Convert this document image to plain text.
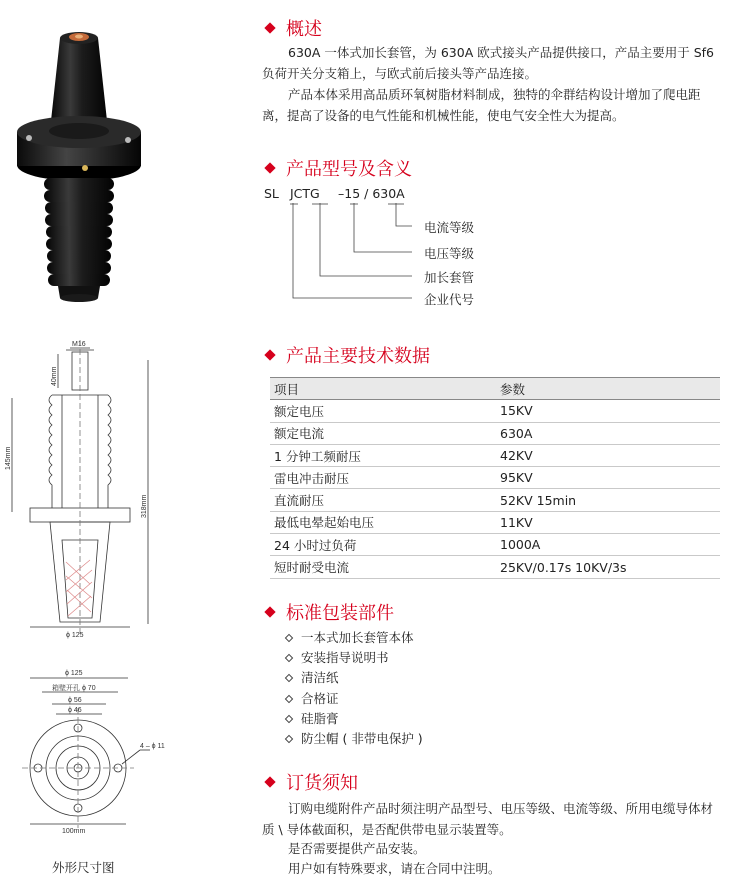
M16
40mm
145mm
318mm
ϕ 125
ϕ 125
箱壁开孔 ϕ 70
ϕ 56
ϕ 46
4 – ϕ 11
100mm
外形尺寸图
概述

630A 一体式加长套管，为 630A 欧式接头产品提供接口，产品主要用于 Sf6 负荷开关分支箱上，与欧式前后接头等产品连接。

产品本体采用高品质环氧树脂材料制成，独特的伞群结构设计增加了爬电距离，提高了设备的电气性能和机械性能，使电气安全性大为提高。

产品型号及含义
SL JCTG –15 / 630A
电流等级
电压等级
加长套管
企业代号
产品主要技术数据
项目	参数
额定电压	15KV
额定电流	630A
1 分钟工频耐压	42KV
雷电冲击耐压	95KV
直流耐压	52KV 15min
最低电晕起始电压	11KV
24 小时过负荷	1000A
短时耐受电流	25KV/0.17s 10KV/3s
标准包装部件
一本式加长套管本体
安装指导说明书
清洁纸
合格证
硅脂膏
防尘帽 ( 非带电保护 )
订货须知

订购电缆附件产品时须注明产品型号、电压等级、电流等级、所用电缆导体材质 \ 导体截面积，是否配供带电显示装置等。

是否需要提供产品安装。

用户如有特殊要求，请在合同中注明。
